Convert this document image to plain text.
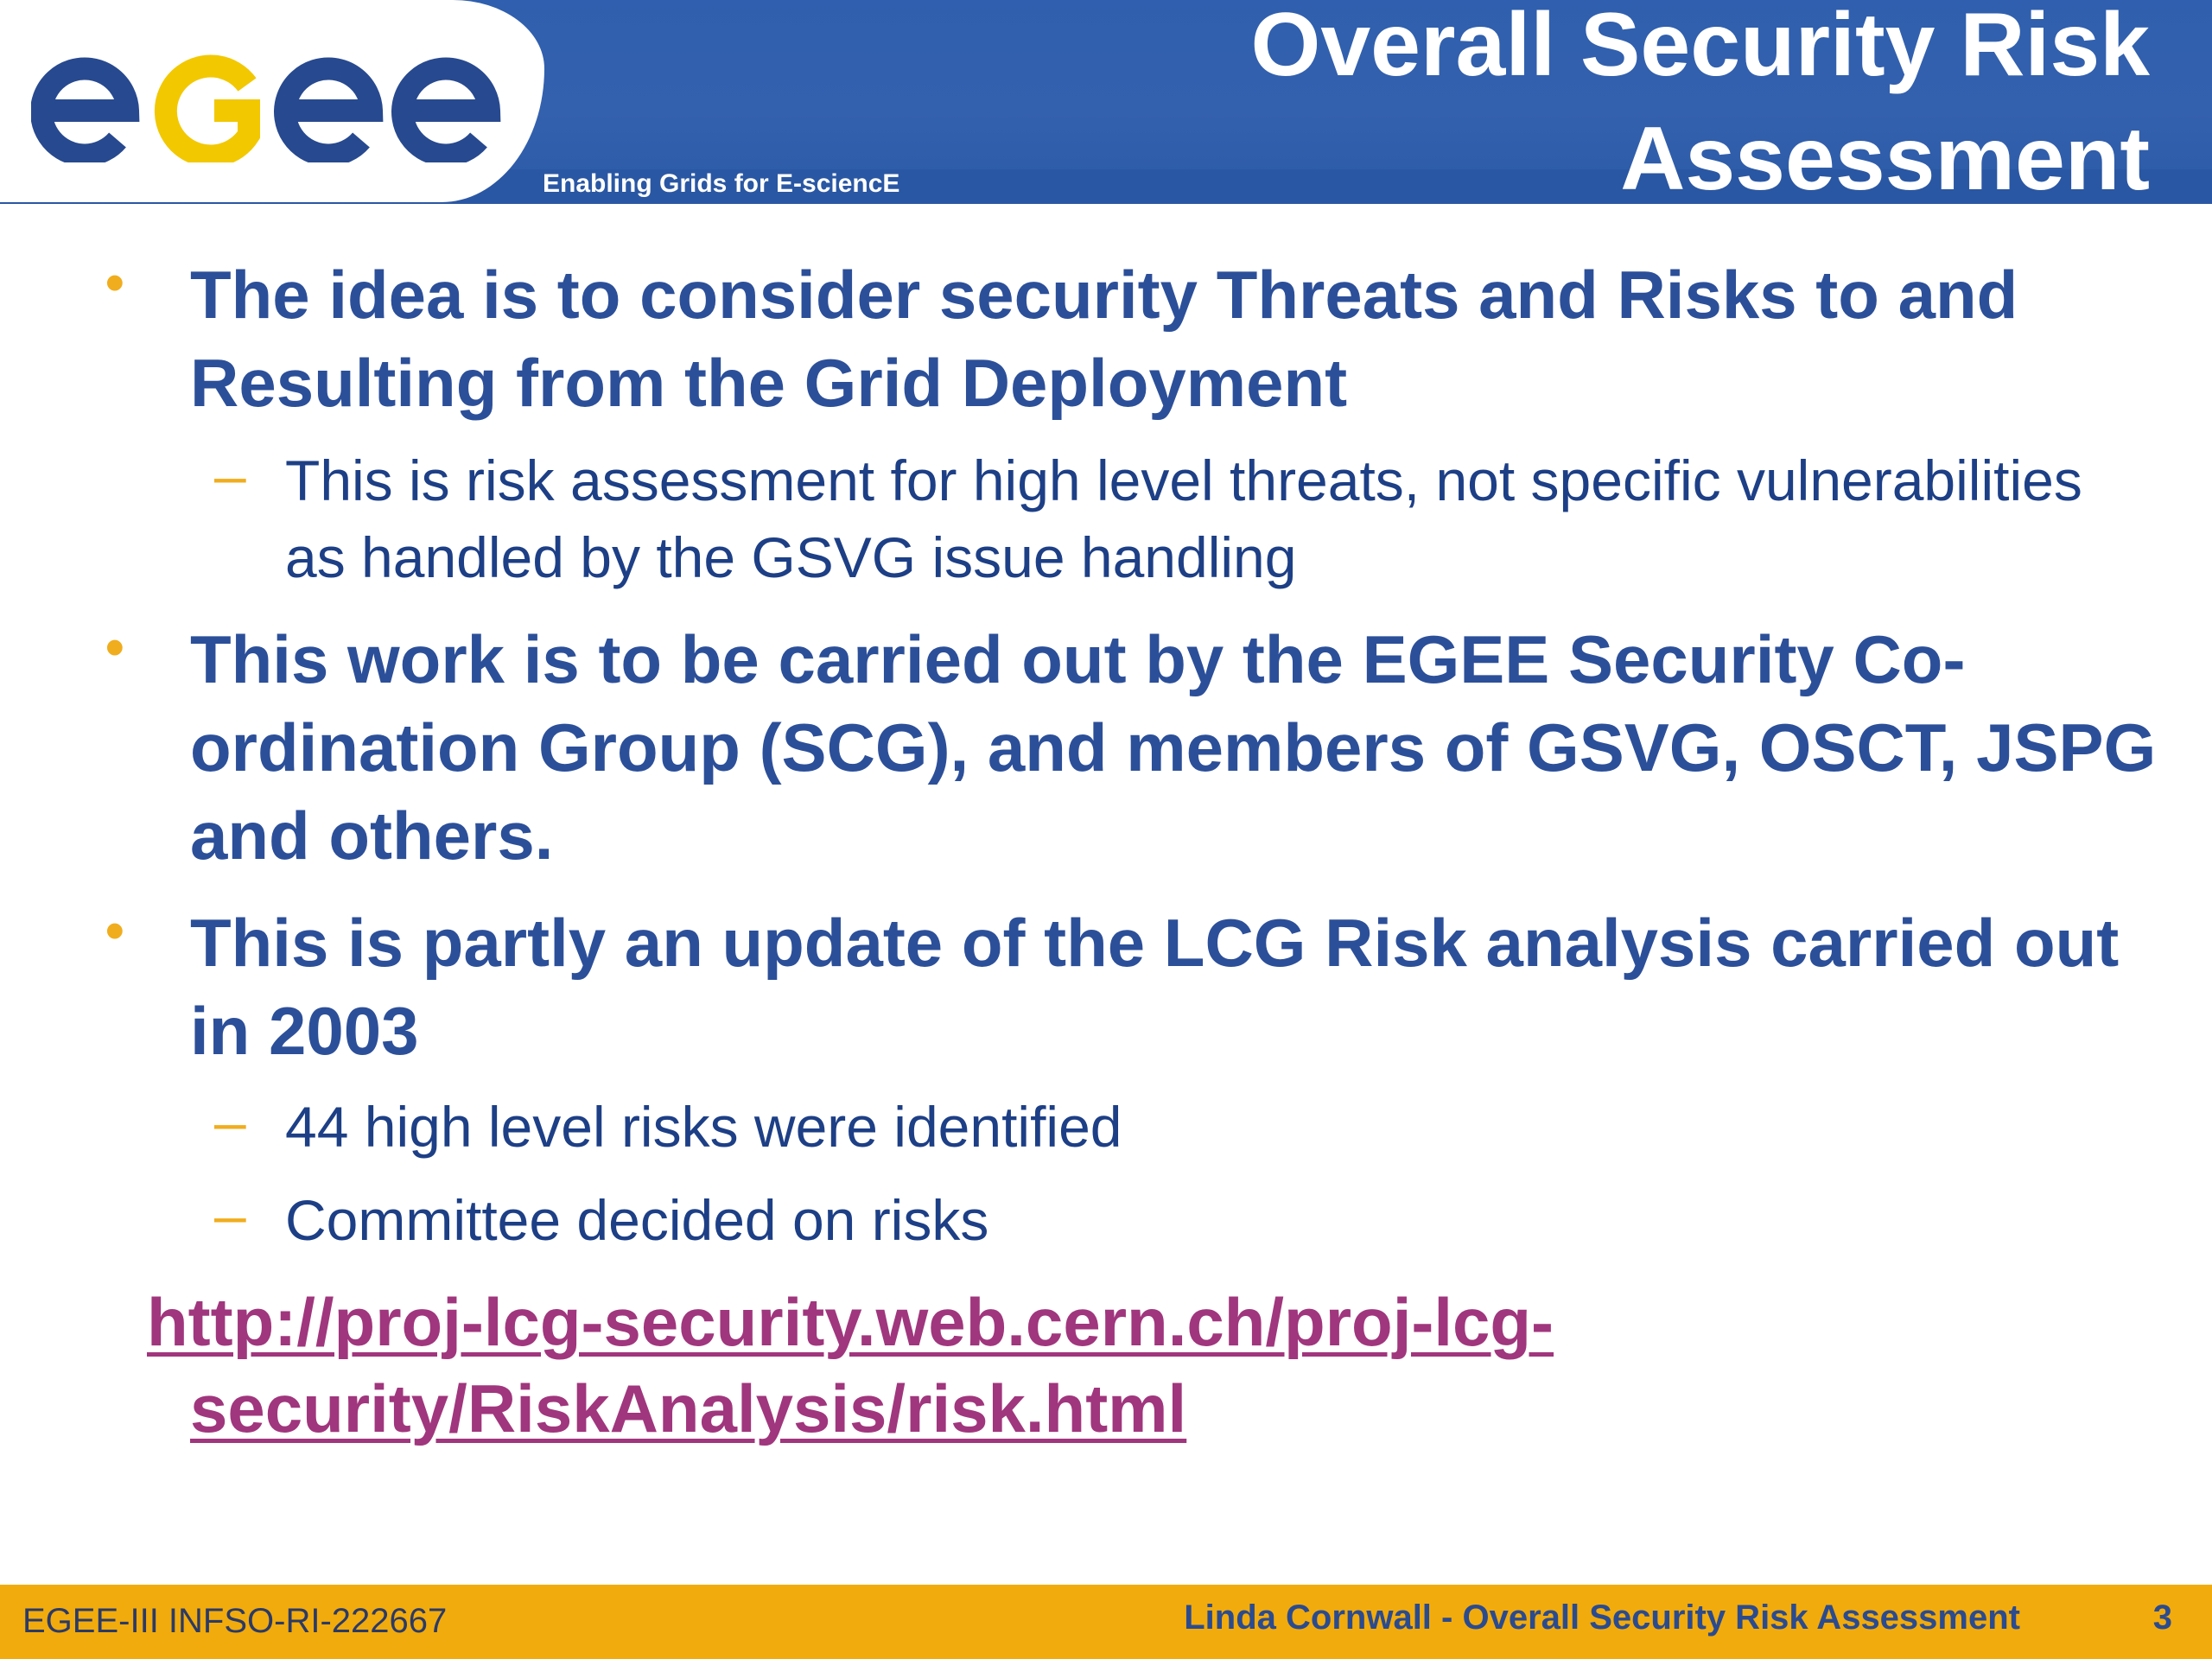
Enabling Grids for E-sciencE
Overall Security Risk Assessment
• The idea is to consider security Threats and Risks to and Resulting from the Grid Deployment
– This is risk assessment for high level threats, not specific vulnerabilities as handled by the GSVG issue handling
• This work is to be carried out by the EGEE Security Co-ordination Group (SCG), and members of GSVG, OSCT, JSPG and others.
• This is partly an update of the LCG Risk analysis carried out in 2003
– 44 high level risks were identified
– Committee decided on risks
http://proj-lcg-security.web.cern.ch/proj-lcg-
security/RiskAnalysis/risk.html
EGEE-III INFSO-RI-222667	Linda Cornwall - Overall Security Risk Assessment	3
